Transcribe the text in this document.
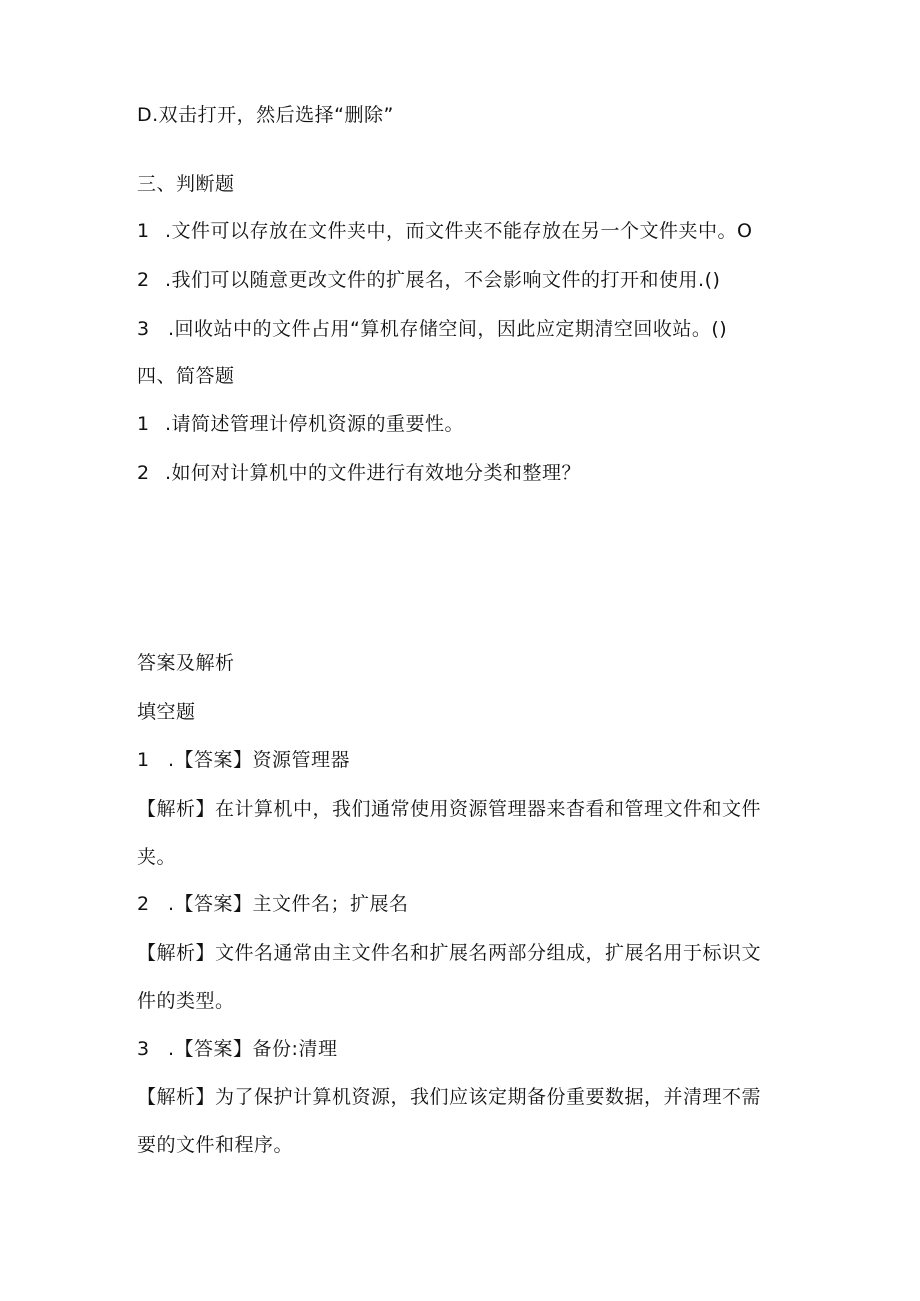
D.双击打开，然后选择“删除”
三、判断题
1 .文件可以存放在文件夹中，而文件夹不能存放在另一个文件夹中。O
2 .我们可以随意更改文件的扩展名，不会影响文件的打开和使用.()
3 .回收站中的文件占用“算机存储空间，因此应定期清空回收站。()
四、简答题
1 .请简述管理计停机资源的重要性。
2 .如何对计算机中的文件进行有效地分类和整理？
答案及解析
填空题
1 .【答案】资源管理器
【解析】在计算机中，我们通常使用资源管理器来杳看和管理文件和文件
夹。
2 .【答案】主文件名；扩展名
【解析】文件名通常由主文件名和扩展名两部分组成，扩展名用于标识文
件的类型。
3 .【答案】备份:清理
【解析】为了保护计算机资源，我们应该定期备份重要数据，并清理不需
要的文件和程序。
